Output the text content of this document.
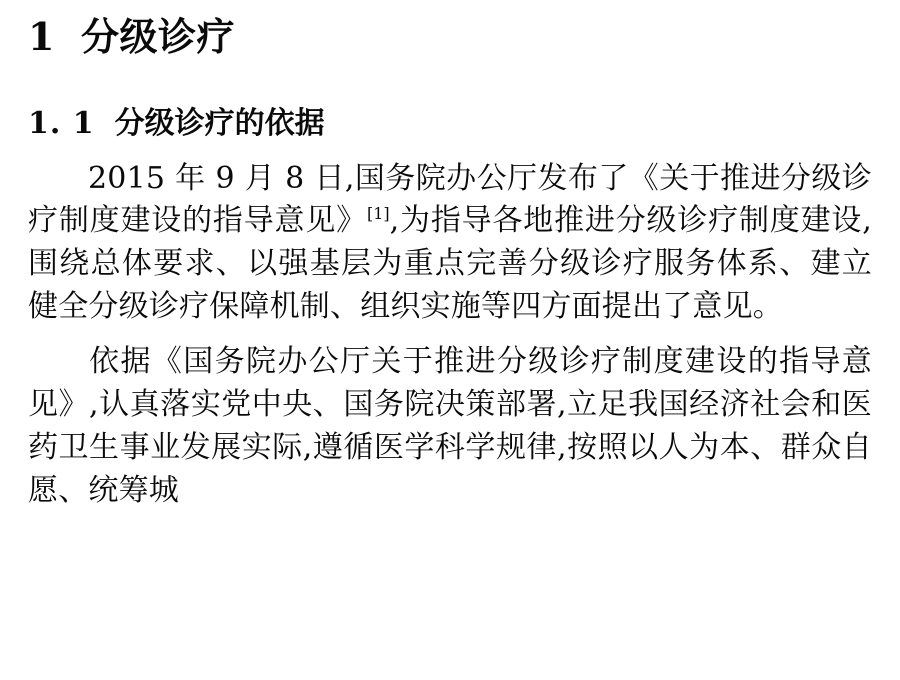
1 分级诊疗
1. 1 分级诊疗的依据

2015 年 9 月 8 日,国务院办公厅发布了《关于推进分级诊疗制度建设的指导意见》[1],为指导各地推进分级诊疗制度建设,围绕总体要求、以强基层为重点完善分级诊疗服务体系、建立健全分级诊疗保障机制、组织实施等四方面提出了意见。

依据《国务院办公厅关于推进分级诊疗制度建设的指导意见》,认真落实党中央、国务院决策部署,立足我国经济社会和医药卫生事业发展实际,遵循医学科学规律,按照以人为本、群众自愿、统筹城
